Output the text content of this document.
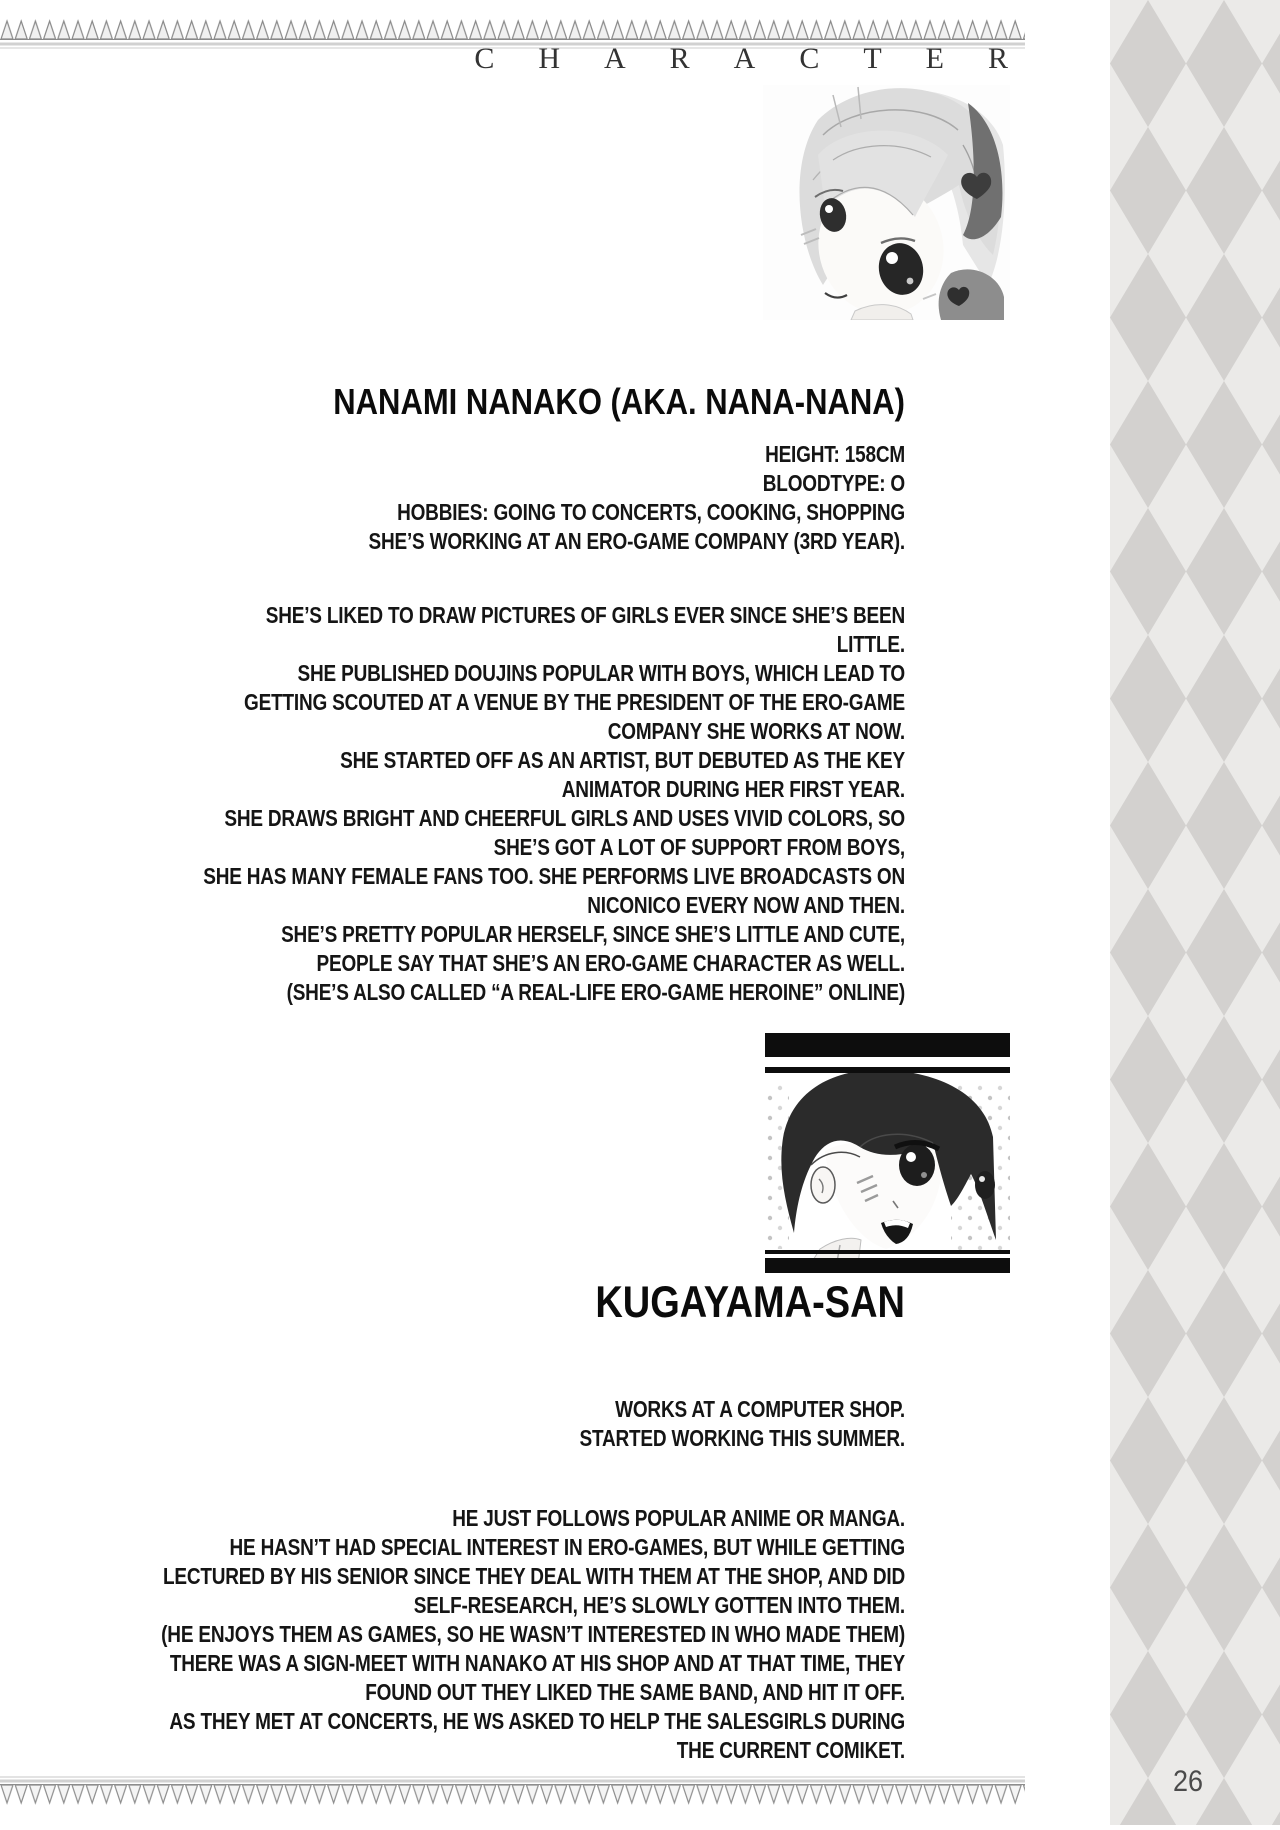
CHARACTER
NANAMI NANAKO (AKA. NANA-NANA)
HEIGHT: 158CM
BLOODTYPE: O
HOBBIES: GOING TO CONCERTS, COOKING, SHOPPING
SHE’S WORKING AT AN ERO-GAME COMPANY (3RD YEAR).
SHE’S LIKED TO DRAW PICTURES OF GIRLS EVER SINCE SHE’S BEEN
LITTLE.
SHE PUBLISHED DOUJINS POPULAR WITH BOYS, WHICH LEAD TO
GETTING SCOUTED AT A VENUE BY THE PRESIDENT OF THE ERO-GAME
COMPANY SHE WORKS AT NOW.
SHE STARTED OFF AS AN ARTIST, BUT DEBUTED AS THE KEY
ANIMATOR DURING HER FIRST YEAR.
SHE DRAWS BRIGHT AND CHEERFUL GIRLS AND USES VIVID COLORS, SO
SHE’S GOT A LOT OF SUPPORT FROM BOYS,
SHE HAS MANY FEMALE FANS TOO. SHE PERFORMS LIVE BROADCASTS ON
NICONICO EVERY NOW AND THEN.
SHE’S PRETTY POPULAR HERSELF, SINCE SHE’S LITTLE AND CUTE,
PEOPLE SAY THAT SHE’S AN ERO-GAME CHARACTER AS WELL.
(SHE’S ALSO CALLED “A REAL-LIFE ERO-GAME HEROINE” ONLINE)
KUGAYAMA-SAN
WORKS AT A COMPUTER SHOP.
STARTED WORKING THIS SUMMER.
HE JUST FOLLOWS POPULAR ANIME OR MANGA.
HE HASN’T HAD SPECIAL INTEREST IN ERO-GAMES, BUT WHILE GETTING
LECTURED BY HIS SENIOR SINCE THEY DEAL WITH THEM AT THE SHOP, AND DID
SELF-RESEARCH, HE’S SLOWLY GOTTEN INTO THEM.
(HE ENJOYS THEM AS GAMES, SO HE WASN’T INTERESTED IN WHO MADE THEM)
THERE WAS A SIGN-MEET WITH NANAKO AT HIS SHOP AND AT THAT TIME, THEY
FOUND OUT THEY LIKED THE SAME BAND, AND HIT IT OFF.
AS THEY MET AT CONCERTS, HE WS ASKED TO HELP THE SALESGIRLS DURING
THE CURRENT COMIKET.
26
